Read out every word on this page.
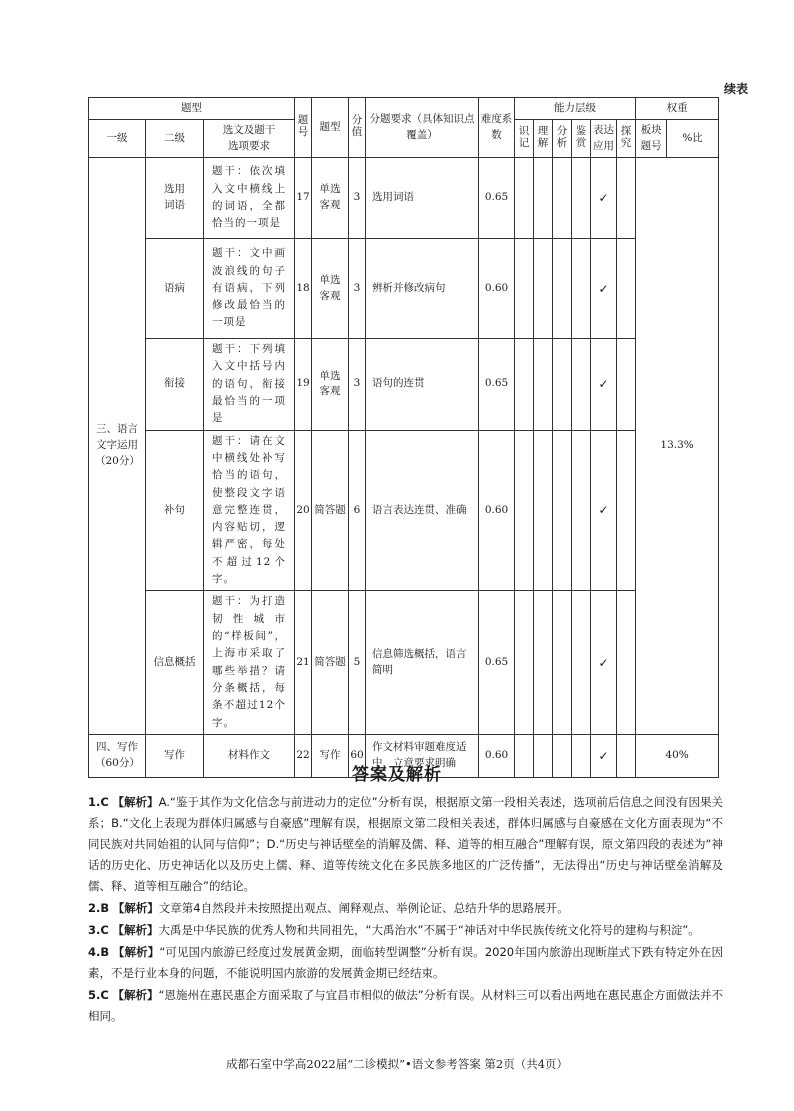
续表
题型			题号	题型	分值	分题要求（具体知识点覆盖）	难度系数	能力层级						权重	
一级	二级	选文及题干选项要求						识记	理解	分析	鉴赏	表达应用	探究	板块题号	%比
三、语言文字运用（20分）	选用词语	题干：依次填入文中横线上的词语，全都恰当的一项是	17	单选客观	3	选用词语	0.65					✓		13.3%	
	语病	题干：文中画波浪线的句子有语病，下列修改最恰当的一项是	18	单选客观	3	辨析并修改病句	0.60					✓			
	衔接	题干：下列填入文中括号内的语句，衔接最恰当的一项是	19	单选客观	3	语句的连贯	0.65					✓			
	补句	题干：请在文中横线处补写恰当的语句，使整段文字语意完整连贯，内容贴切，逻辑严密，每处不超过12个字。	20	简答题	6	语言表达连贯、准确	0.60					✓			
	信息概括	题干：为打造韧性城市的“样板间”，上海市采取了哪些举措？请分条概括，每条不超过12个字。	21	简答题	5	信息筛选概括，语言简明	0.65					✓			
四、写作（60分）	写作	材料作文	22	写作	60	作文材料审题难度适中，立意要求明确	0.60					✓		40%	
答案及解析
1.C 【解析】A.“鉴于其作为文化信念与前进动力的定位”分析有误，根据原文第一段相关表述，选项前后信息之间没有因果关系；B.“文化上表现为群体归属感与自豪感”理解有误，根据原文第二段相关表述，群体归属感与自豪感在文化方面表现为“不同民族对共同始祖的认同与信仰”；D.“历史与神话壁垒的消解及儒、释、道等的相互融合”理解有误，原文第四段的表述为“神话的历史化、历史神话化以及历史上儒、释、道等传统文化在多民族多地区的广泛传播”，无法得出“历史与神话壁垒消解及儒、释、道等相互融合”的结论。
2.B 【解析】文章第4自然段并未按照提出观点、阐释观点、举例论证、总结升华的思路展开。
3.C 【解析】大禹是中华民族的优秀人物和共同祖先，“大禹治水”不属于“神话对中华民族传统文化符号的建构与积淀”。
4.B 【解析】“可见国内旅游已经度过发展黄金期，面临转型调整”分析有误。2020年国内旅游出现断崖式下跌有特定外在因素，不是行业本身的问题，不能说明国内旅游的发展黄金期已经结束。
5.C 【解析】“恩施州在惠民惠企方面采取了与宜昌市相似的做法”分析有误。从材料三可以看出两地在惠民惠企方面做法并不相同。
成都石室中学高2022届“二诊模拟”•语文参考答案 第2页（共4页）
